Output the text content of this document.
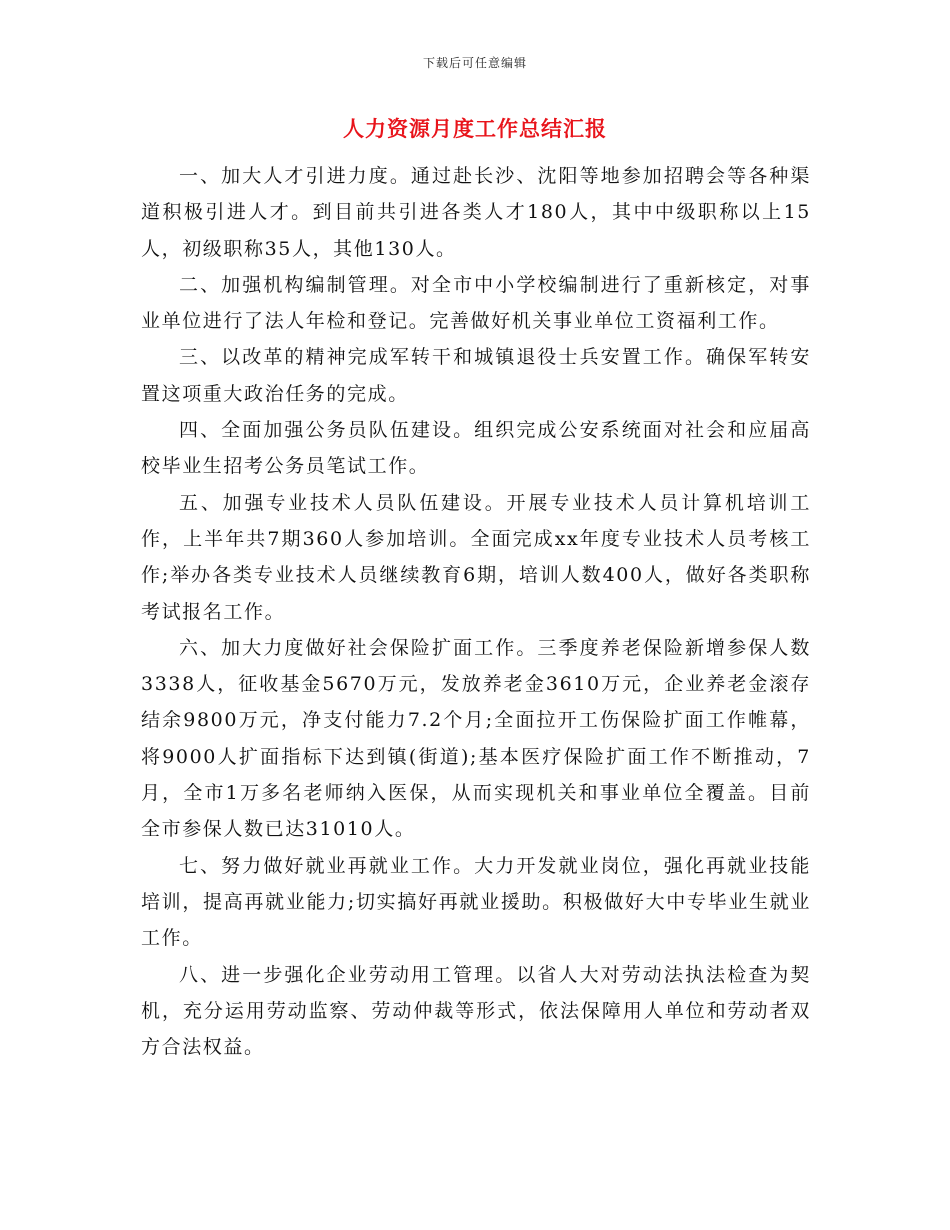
下载后可任意编辑
人力资源月度工作总结汇报

一、加大人才引进力度。通过赴长沙、沈阳等地参加招聘会等各种渠道积极引进人才。到目前共引进各类人才180人，其中中级职称以上15人，初级职称35人，其他130人。

二、加强机构编制管理。对全市中小学校编制进行了重新核定，对事业单位进行了法人年检和登记。完善做好机关事业单位工资福利工作。

三、以改革的精神完成军转干和城镇退役士兵安置工作。确保军转安置这项重大政治任务的完成。

四、全面加强公务员队伍建设。组织完成公安系统面对社会和应届高校毕业生招考公务员笔试工作。

五、加强专业技术人员队伍建设。开展专业技术人员计算机培训工作，上半年共7期360人参加培训。全面完成xx年度专业技术人员考核工作;举办各类专业技术人员继续教育6期，培训人数400人，做好各类职称考试报名工作。

六、加大力度做好社会保险扩面工作。三季度养老保险新增参保人数3338人，征收基金5670万元，发放养老金3610万元，企业养老金滚存结余9800万元，净支付能力7.2个月;全面拉开工伤保险扩面工作帷幕，将9000人扩面指标下达到镇(街道);基本医疗保险扩面工作不断推动，7月，全市1万多名老师纳入医保，从而实现机关和事业单位全覆盖。目前全市参保人数已达31010人。

七、努力做好就业再就业工作。大力开发就业岗位，强化再就业技能培训，提高再就业能力;切实搞好再就业援助。积极做好大中专毕业生就业工作。

八、进一步强化企业劳动用工管理。以省人大对劳动法执法检查为契机，充分运用劳动监察、劳动仲裁等形式，依法保障用人单位和劳动者双方合法权益。
